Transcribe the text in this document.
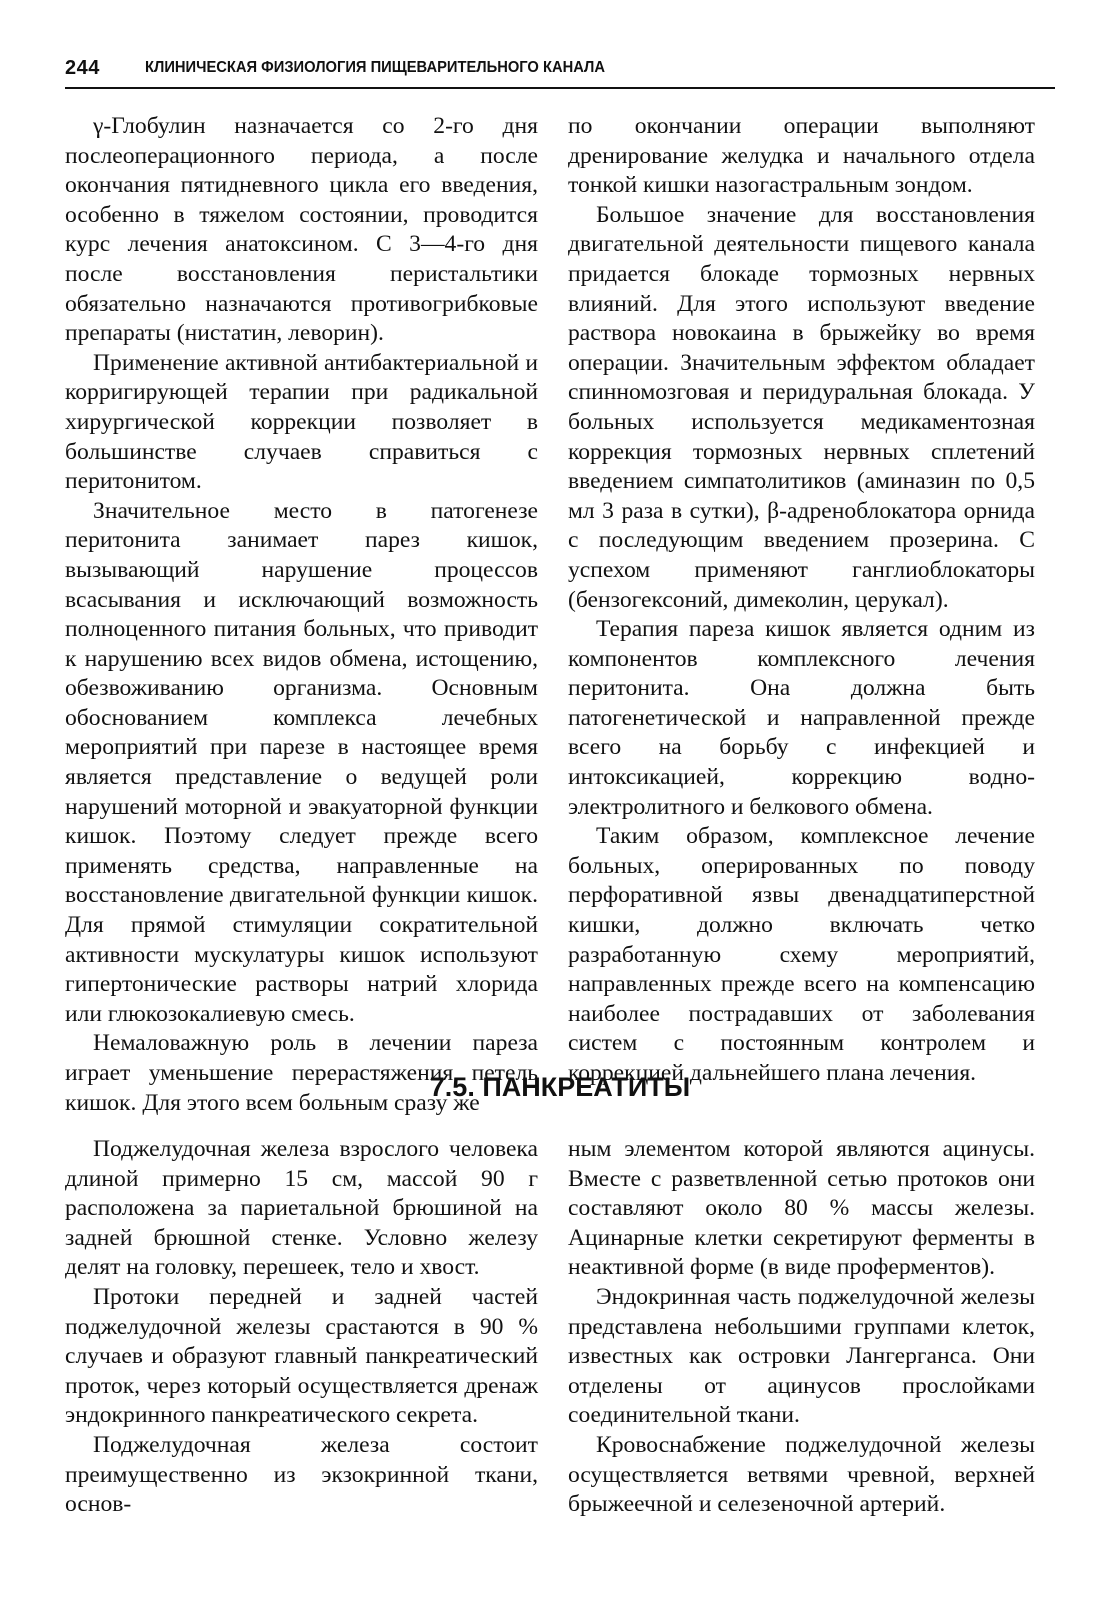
244	КЛИНИЧЕСКАЯ ФИЗИОЛОГИЯ ПИЩЕВАРИТЕЛЬНОГО КАНАЛА

γ-Глобулин назначается со 2-го дня послеоперационного периода, а после окончания пятидневного цикла его введения, особенно в тяжелом состоянии, проводится курс лечения анатоксином. С 3—4-го дня после восстановления перистальтики обязательно назначаются противогрибковые препараты (нистатин, леворин).

Применение активной антибактериальной и корригирующей терапии при радикальной хирургической коррекции позволяет в большинстве случаев справиться с перитонитом.

Значительное место в патогенезе перитонита занимает парез кишок, вызывающий нарушение процессов всасывания и исключающий возможность полноценного питания больных, что приводит к нарушению всех видов обмена, истощению, обезвоживанию организма. Основным обоснованием комплекса лечебных мероприятий при парезе в настоящее время является представление о ведущей роли нарушений моторной и эвакуаторной функции кишок. Поэтому следует прежде всего применять средства, направленные на восстановление двигательной функции кишок. Для прямой стимуляции сократительной активности мускулатуры кишок используют гипертонические растворы натрий хлорида или глюкозокалиевую смесь.

Немаловажную роль в лечении пареза играет уменьшение перерастяжения петель кишок. Для этого всем больным сразу же

по окончании операции выполняют дренирование желудка и начального отдела тонкой кишки назогастральным зондом.

Большое значение для восстановления двигательной деятельности пищевого канала придается блокаде тормозных нервных влияний. Для этого используют введение раствора новокаина в брыжейку во время операции. Значительным эффектом обладает спинномозговая и перидуральная блокада. У больных используется медикаментозная коррекция тормозных нервных сплетений введением симпатолитиков (аминазин по 0,5 мл 3 раза в сутки), β-адреноблокатора орнида с последующим введением прозерина. С успехом применяют ганглиоблокаторы (бензогексоний, димеколин, церукал).

Терапия пареза кишок является одним из компонентов комплексного лечения перитонита. Она должна быть патогенетической и направленной прежде всего на борьбу с инфекцией и интоксикацией, коррекцию водно-электролитного и белкового обмена.

Таким образом, комплексное лечение больных, оперированных по поводу перфоративной язвы двенадцатиперстной кишки, должно включать четко разработанную схему мероприятий, направленных прежде всего на компенсацию наиболее пострадавших от заболевания систем с постоянным контролем и коррекцией дальнейшего плана лечения.

7.5. ПАНКРЕАТИТЫ

Поджелудочная железа взрослого человека длиной примерно 15 см, массой 90 г расположена за париетальной брюшиной на задней брюшной стенке. Условно железу делят на головку, перешеек, тело и хвост.

Протоки передней и задней частей поджелудочной железы срастаются в 90 % случаев и образуют главный панкреатический проток, через который осуществляется дренаж эндокринного панкреатического секрета.

Поджелудочная железа состоит преимущественно из экзокринной ткани, основ-

ным элементом которой являются ацинусы. Вместе с разветвленной сетью протоков они составляют около 80 % массы железы. Ацинарные клетки секретируют ферменты в неактивной форме (в виде проферментов).

Эндокринная часть поджелудочной железы представлена небольшими группами клеток, известных как островки Лангерганса. Они отделены от ацинусов прослойками соединительной ткани.

Кровоснабжение поджелудочной железы осуществляется ветвями чревной, верхней брыжеечной и селезеночной артерий.
